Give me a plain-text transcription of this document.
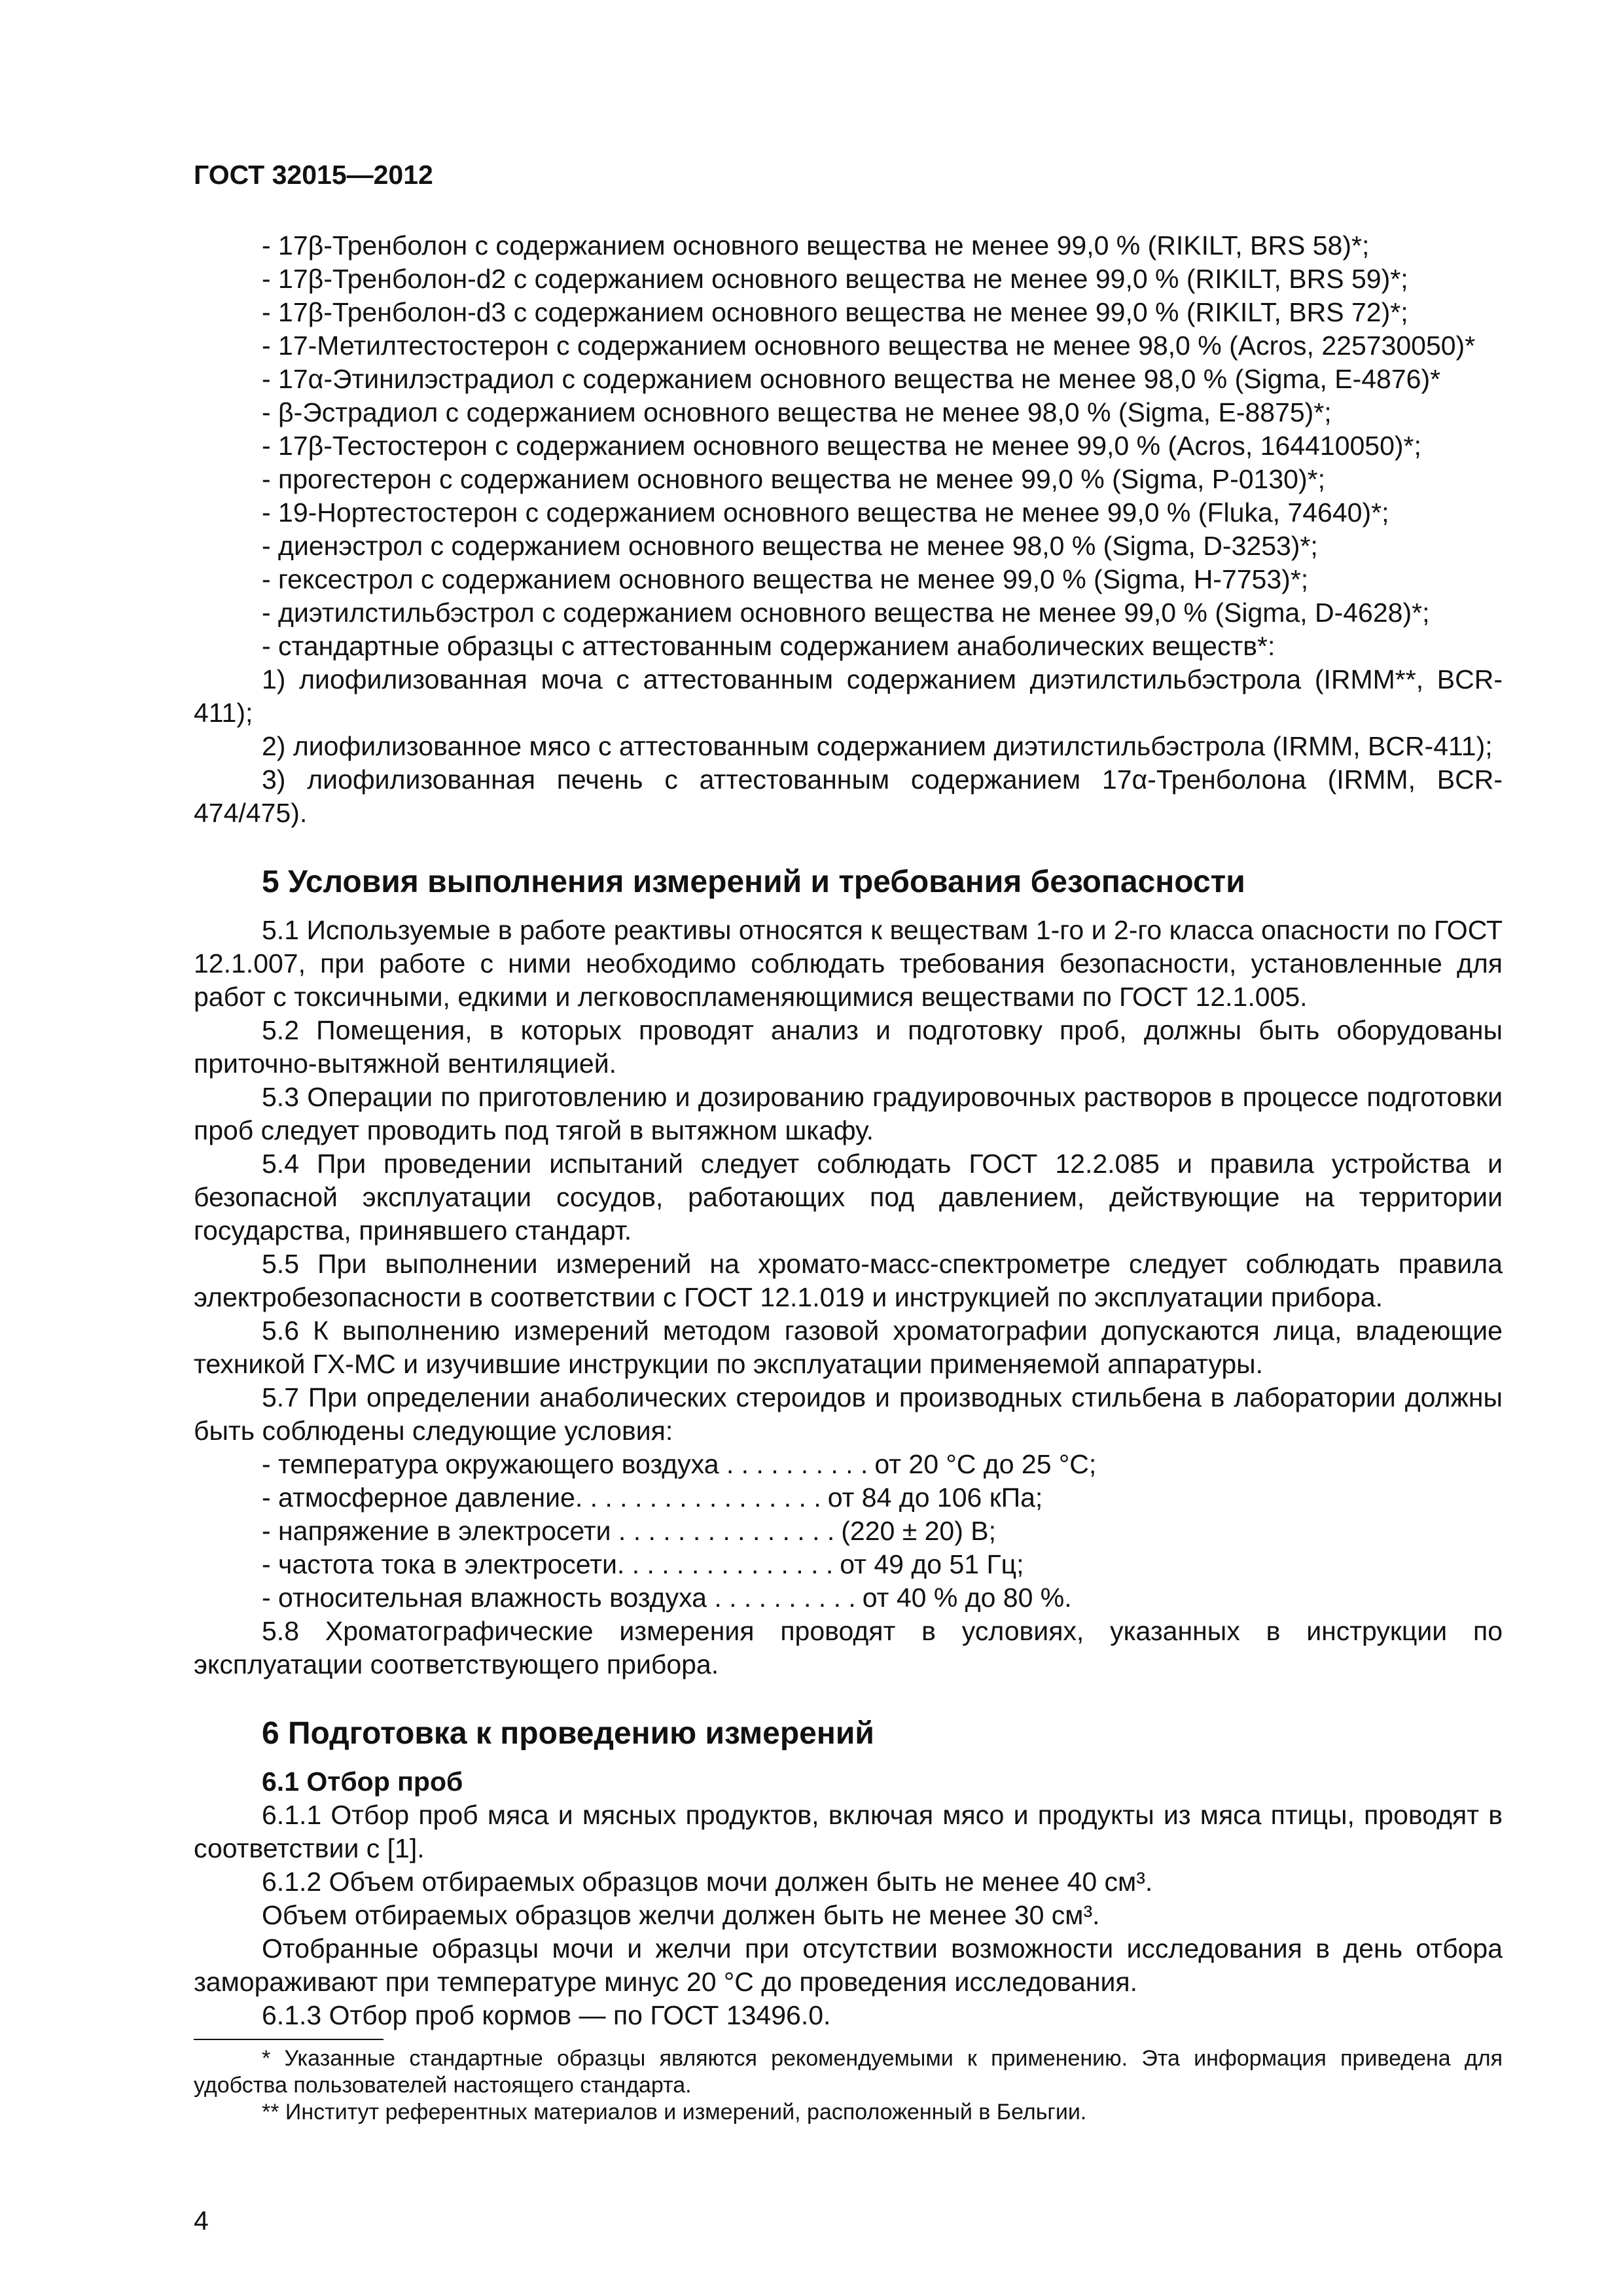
ГОСТ 32015—2012

- 17β-Тренболон с содержанием основного вещества не менее 99,0 % (RIKILT, BRS 58)*;

- 17β-Тренболон-d2 с содержанием основного вещества не менее 99,0 % (RIKILT, BRS 59)*;

- 17β-Тренболон-d3 с содержанием основного вещества не менее 99,0 % (RIKILT, BRS 72)*;

- 17-Метилтестостерон с содержанием основного вещества не менее 98,0 % (Acros, 225730050)*

- 17α-Этинилэстрадиол с содержанием основного вещества не менее 98,0 % (Sigma, E-4876)*

- β-Эстрадиол с содержанием основного вещества не менее 98,0 % (Sigma, E-8875)*;

- 17β-Тестостерон с содержанием основного вещества не менее 99,0 % (Acros, 164410050)*;

- прогестерон с содержанием основного вещества не менее 99,0 % (Sigma, P-0130)*;

- 19-Нортестостерон с содержанием основного вещества не менее 99,0 % (Fluka, 74640)*;

- диенэстрол с содержанием основного вещества не менее 98,0 % (Sigma, D-3253)*;

- гексестрол с содержанием основного вещества не менее 99,0 % (Sigma, H-7753)*;

- диэтилстильбэстрол с содержанием основного вещества не менее 99,0 % (Sigma, D-4628)*;

- стандартные образцы с аттестованным содержанием анаболических веществ*:

1) лиофилизованная моча с аттестованным содержанием диэтилстильбэстрола (IRMM**, BCR-411);

2) лиофилизованное мясо с аттестованным содержанием диэтилстильбэстрола (IRMM, BCR-411);

3) лиофилизованная печень с аттестованным содержанием 17α-Тренболона (IRMM, BCR-474/475).

5 Условия выполнения измерений и требования безопасности

5.1 Используемые в работе реактивы относятся к веществам 1-го и 2-го класса опасности по ГОСТ 12.1.007, при работе с ними необходимо соблюдать требования безопасности, установленные для работ с токсичными, едкими и легковоспламеняющимися веществами по ГОСТ 12.1.005.

5.2 Помещения, в которых проводят анализ и подготовку проб, должны быть оборудованы приточно-вытяжной вентиляцией.

5.3 Операции по приготовлению и дозированию градуировочных растворов в процессе подготовки проб следует проводить под тягой в вытяжном шкафу.

5.4 При проведении испытаний следует соблюдать ГОСТ 12.2.085 и правила устройства и безопасной эксплуатации сосудов, работающих под давлением, действующие на территории государства, принявшего стандарт.

5.5 При выполнении измерений на хромато-масс-спектрометре следует соблюдать правила электробезопасности в соответствии с ГОСТ 12.1.019 и инструкцией по эксплуатации прибора.

5.6 К выполнению измерений методом газовой хроматографии допускаются лица, владеющие техникой ГХ-МС и изучившие инструкции по эксплуатации применяемой аппаратуры.

5.7 При определении анаболических стероидов и производных стильбена в лаборатории должны быть соблюдены следующие условия:

- температура окружающего воздуха . . . . . . . . . . от 20 °С до 25 °С;

- атмосферное давление. . . . . . . . . . . . . . . . . от 84 до 106 кПа;

- напряжение в электросети . . . . . . . . . . . . . . . (220 ± 20) В;

- частота тока в электросети. . . . . . . . . . . . . . . от 49 до 51 Гц;

- относительная влажность воздуха . . . . . . . . . . от 40 % до 80 %.

5.8 Хроматографические измерения проводят в условиях, указанных в инструкции по эксплуатации соответствующего прибора.

6 Подготовка к проведению измерений
6.1 Отбор проб

6.1.1 Отбор проб мяса и мясных продуктов, включая мясо и продукты из мяса птицы, проводят в соответствии с [1].

6.1.2 Объем отбираемых образцов мочи должен быть не менее 40 см³.

Объем отбираемых образцов желчи должен быть не менее 30 см³.

Отобранные образцы мочи и желчи при отсутствии возможности исследования в день отбора замораживают при температуре минус 20 °С до проведения исследования.

6.1.3 Отбор проб кормов — по ГОСТ 13496.0.

* Указанные стандартные образцы являются рекомендуемыми к применению. Эта информация приведена для удобства пользователей настоящего стандарта.

** Институт референтных материалов и измерений, расположенный в Бельгии.

4
